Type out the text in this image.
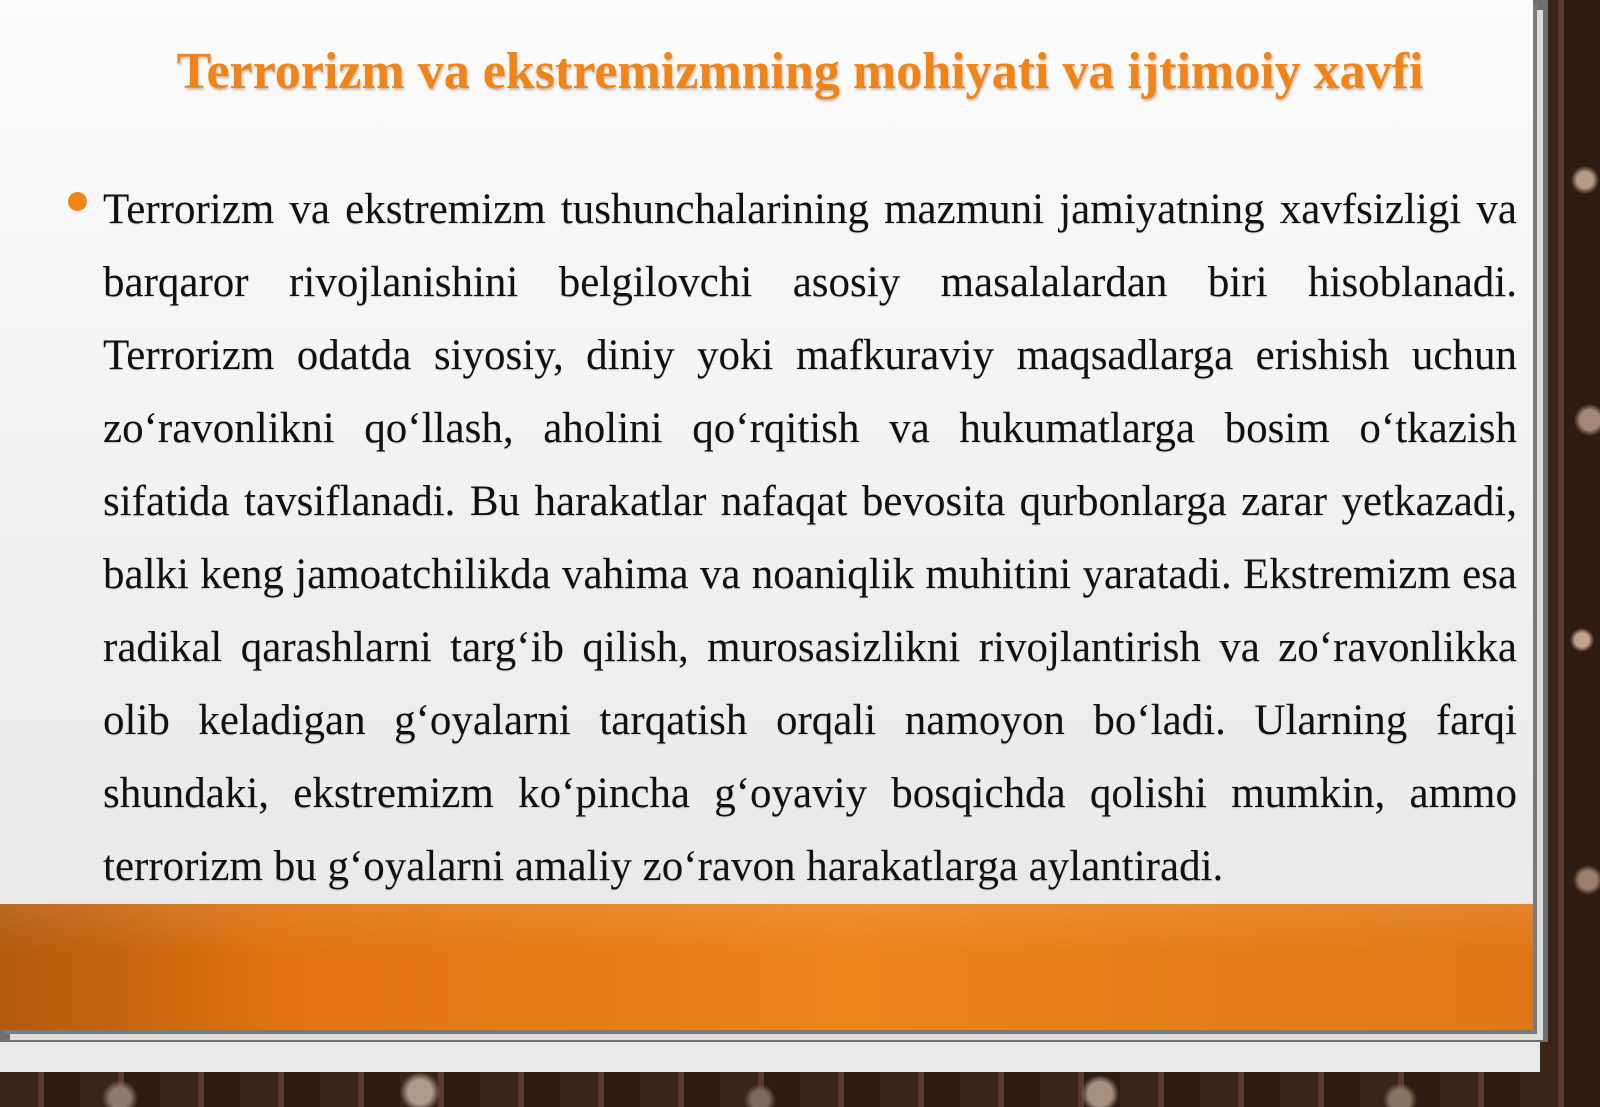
Terrorizm va ekstremizmning mohiyati va ijtimoiy xavfi

Terrorizm va ekstremizm tushunchalarining mazmuni jamiyatning xavfsizligi va barqaror rivojlanishini belgilovchi asosiy masalalardan biri hisoblanadi. Terrorizm odatda siyosiy, diniy yoki mafkuraviy maqsadlarga erishish uchun zo‘ravonlikni qo‘llash, aholini qo‘rqitish va hukumatlarga bosim o‘tkazish sifatida tavsiflanadi. Bu harakatlar nafaqat bevosita qurbonlarga zarar yetkazadi, balki keng jamoatchilikda vahima va noaniqlik muhitini yaratadi. Ekstremizm esa radikal qarashlarni targ‘ib qilish, murosasizlikni rivojlantirish va zo‘ravonlikka olib keladigan g‘oyalarni tarqatish orqali namoyon bo‘ladi. Ularning farqi shundaki, ekstremizm ko‘pincha g‘oyaviy bosqichda qolishi mumkin, ammo terrorizm bu g‘oyalarni amaliy zo‘ravon harakatlarga aylantiradi.
